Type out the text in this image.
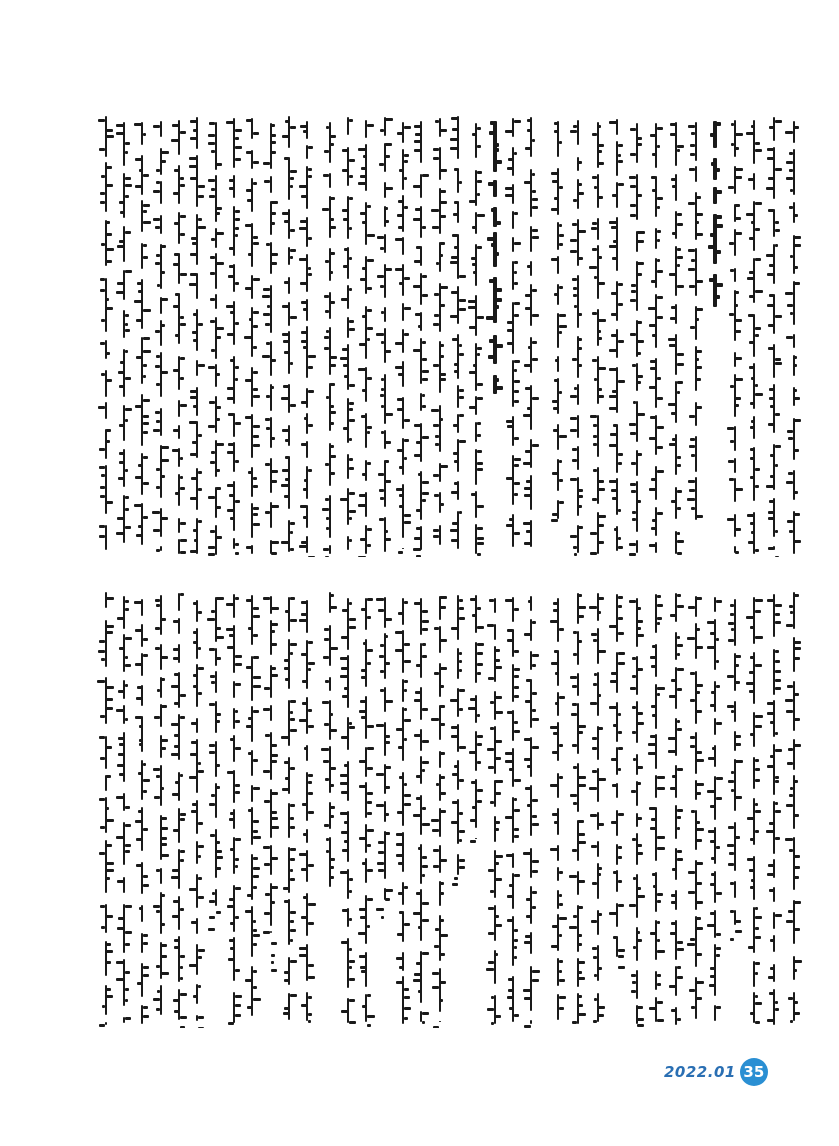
2022.01 35
